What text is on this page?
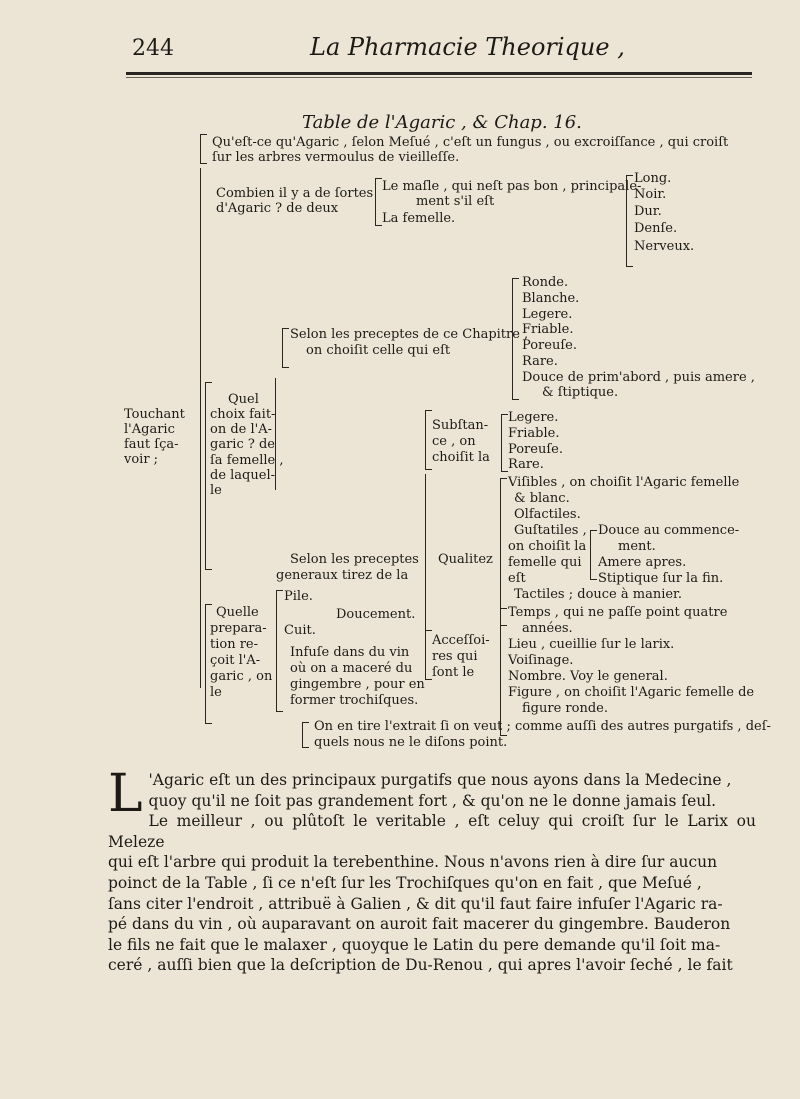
244	La Pharmacie Theorique ,
Table de l'Agaric , & Chap. 16.
Qu'eſt-ce qu'Agaric , ſelon Meſué , c'eſt un fungus , ou excroiſſance , qui croiſt
ſur les arbres vermoulus de vieilleſſe.
Combien il y a de ſortes
d'Agaric ? de deux
Le maſle , qui neſt pas bon , principale-
ment s'il eſt
La femelle.
Long.
Noir.
Dur.
Denſe.
Nerveux.
Touchant
l'Agaric
faut ſça-
voir ;
Quel
choix fait-
on de l'A-
garic ? de
ſa femelle ,
de laquel-
le
Selon les preceptes de ce Chapitre ,
on choiſit celle qui eſt
Ronde.
Blanche.
Legere.
Friable.
Poreuſe.
Rare.
Douce de prim'abord , puis amere ,
& ſtiptique.
Subſtan-
ce , on
choiſit la
Legere.
Friable.
Poreuſe.
Rare.
Selon les preceptes
generaux tirez de la
Qualitez
Viſibles , on choiſit l'Agaric femelle
& blanc.
Olfactiles.
Guſtatiles ,
on choiſit la
femelle qui
eſt
Douce au commence-
ment.
Amere apres.
Stiptique ſur la fin.
Tactiles ; douce à manier.
Acceſſoi-
res qui
ſont le
Temps , qui ne paſſe point quatre
années.
Lieu , cueillie ſur le larix.
Voiſinage.
Nombre. Voy le general.
Figure , on choiſit l'Agaric femelle de
figure ronde.
Quelle
prepara-
tion re-
çoit l'A-
garic , on
le
Pile.
Cuit.
Doucement.
Infuſe dans du vin
où on a maceré du
gingembre , pour en
former trochiſques.
On en tire l'extrait ſi on veut ; comme auſſi des autres purgatifs , deſ-
quels nous ne le diſons point.
L 'Agaric eſt un des principaux purgatifs que nous ayons dans la Medecine ,
quoy qu'il ne ſoit pas grandement fort , & qu'on ne le donne jamais ſeul.
Le meilleur , ou plûtoſt le veritable , eſt celuy qui croiſt ſur le Larix ou Meleze
qui eſt l'arbre qui produit la terebenthine. Nous n'avons rien à dire ſur aucun
poinct de la Table , ſi ce n'eſt ſur les Trochiſques qu'on en fait , que Meſué ,
ſans citer l'endroit , attribuë à Galien , & dit qu'il faut faire infuſer l'Agaric ra-
pé dans du vin , où auparavant on auroit fait macerer du gingembre. Bauderon
le fils ne fait que le malaxer , quoyque le Latin du pere demande qu'il ſoit ma-
ceré , auſſi bien que la deſcription de Du-Renou , qui apres l'avoir ſeché , le fait
